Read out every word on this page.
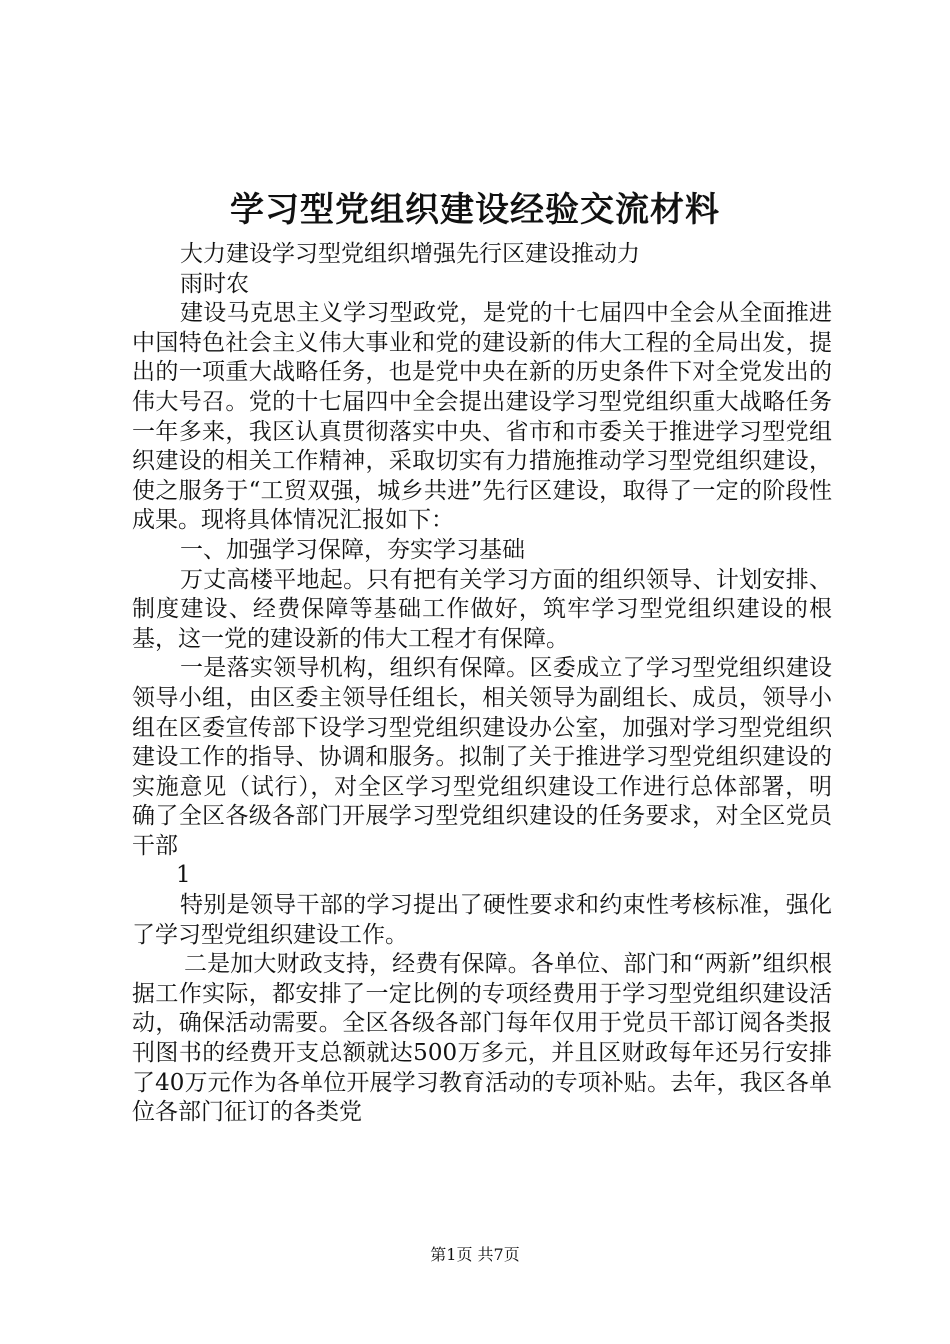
学习型党组织建设经验交流材料

大力建设学习型党组织增强先行区建设推动力

雨时农

建设马克思主义学习型政党，是党的十七届四中全会从全面推进中国特色社会主义伟大事业和党的建设新的伟大工程的全局出发，提出的一项重大战略任务，也是党中央在新的历史条件下对全党发出的伟大号召。党的十七届四中全会提出建设学习型党组织重大战略任务一年多来，我区认真贯彻落实中央、省市和市委关于推进学习型党组织建设的相关工作精神，采取切实有力措施推动学习型党组织建设，使之服务于“工贸双强，城乡共进”先行区建设，取得了一定的阶段性成果。现将具体情况汇报如下：

一、加强学习保障，夯实学习基础

万丈高楼平地起。只有把有关学习方面的组织领导、计划安排、制度建设、经费保障等基础工作做好，筑牢学习型党组织建设的根基，这一党的建设新的伟大工程才有保障。

一是落实领导机构，组织有保障。区委成立了学习型党组织建设领导小组，由区委主领导任组长，相关领导为副组长、成员，领导小组在区委宣传部下设学习型党组织建设办公室，加强对学习型党组织建设工作的指导、协调和服务。拟制了关于推进学习型党组织建设的实施意见（试行），对全区学习型党组织建设工作进行总体部署，明确了全区各级各部门开展学习型党组织建设的任务要求，对全区党员干部

1

特别是领导干部的学习提出了硬性要求和约束性考核标准，强化了学习型党组织建设工作。

二是加大财政支持，经费有保障。各单位、部门和“两新”组织根据工作实际，都安排了一定比例的专项经费用于学习型党组织建设活动，确保活动需要。全区各级各部门每年仅用于党员干部订阅各类报刊图书的经费开支总额就达500万多元，并且区财政每年还另行安排了40万元作为各单位开展学习教育活动的专项补贴。去年，我区各单位各部门征订的各类党

第1页 共7页
